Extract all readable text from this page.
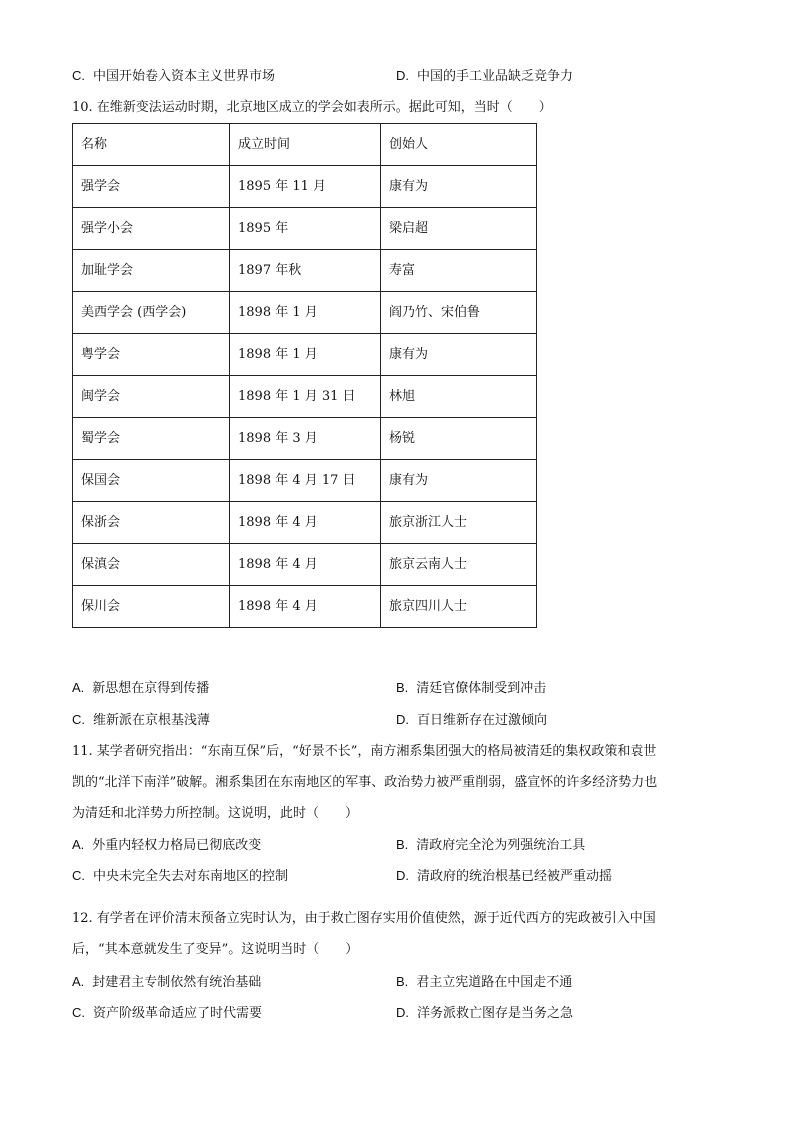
C. 中国开始卷入资本主义世界市场	D. 中国的手工业品缺乏竞争力
10. 在维新变法运动时期，北京地区成立的学会如表所示。据此可知，当时（　　）
名称	成立时间	创始人
强学会	1895 年 11 月	康有为
强学小会	1895 年	梁启超
加耻学会	1897 年秋	寿富
美西学会 (西学会)	1898 年 1 月	阎乃竹、宋伯鲁
粤学会	1898 年 1 月	康有为
闽学会	1898 年 1 月 31 日	林旭
蜀学会	1898 年 3 月	杨锐
保国会	1898 年 4 月 17 日	康有为
保浙会	1898 年 4 月	旅京浙江人士
保滇会	1898 年 4 月	旅京云南人士
保川会	1898 年 4 月	旅京四川人士
A. 新思想在京得到传播	B. 清廷官僚体制受到冲击
C. 维新派在京根基浅薄	D. 百日维新存在过激倾向
11. 某学者研究指出：“东南互保”后，“好景不长”，南方湘系集团强大的格局被清廷的集权政策和袁世
凯的“北洋下南洋”破解。湘系集团在东南地区的军事、政治势力被严重削弱，盛宣怀的许多经济势力也
为清廷和北洋势力所控制。这说明，此时（　　）
A. 外重内轻权力格局已彻底改变	B. 清政府完全沦为列强统治工具
C. 中央未完全失去对东南地区的控制	D. 清政府的统治根基已经被严重动摇
12. 有学者在评价清末预备立宪时认为，由于救亡图存实用价值使然，源于近代西方的宪政被引入中国
后，“其本意就发生了变异”。这说明当时（　　）
A. 封建君主专制依然有统治基础	B. 君主立宪道路在中国走不通
C. 资产阶级革命适应了时代需要	D. 洋务派救亡图存是当务之急
